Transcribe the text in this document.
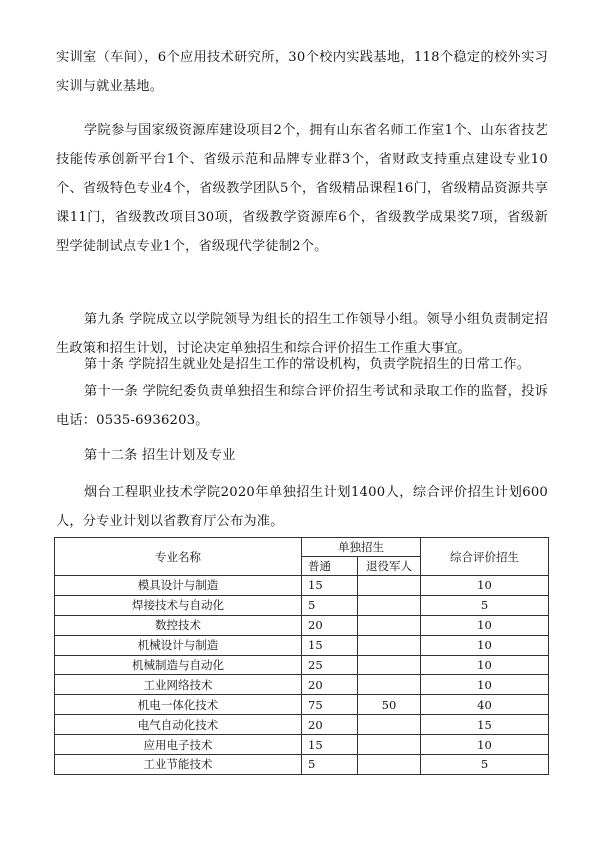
实训室（车间），6个应用技术研究所，30个校内实践基地，118个稳定的校外实习实训与就业基地。

学院参与国家级资源库建设项目2个，拥有山东省名师工作室1个、山东省技艺技能传承创新平台1个、省级示范和品牌专业群3个，省财政支持重点建设专业10个、省级特色专业4个，省级教学团队5个，省级精品课程16门，省级精品资源共享课11门，省级教改项目30项，省级教学资源库6个，省级教学成果奖7项，省级新型学徒制试点专业1个，省级现代学徒制2个。

第九条 学院成立以学院领导为组长的招生工作领导小组。领导小组负责制定招生政策和招生计划，讨论决定单独招生和综合评价招生工作重大事宜。

第十条 学院招生就业处是招生工作的常设机构，负责学院招生的日常工作。

第十一条 学院纪委负责单独招生和综合评价招生考试和录取工作的监督，投诉电话：0535-6936203。

第十二条 招生计划及专业

烟台工程职业技术学院2020年单独招生计划1400人，综合评价招生计划600人，分专业计划以省教育厅公布为准。

专业名称	单独招生		综合评价招生
	普通	退役军人	
模具设计与制造	15		10
焊接技术与自动化	5		5
数控技术	20		10
机械设计与制造	15		10
机械制造与自动化	25		10
工业网络技术	20		10
机电一体化技术	75	50	40
电气自动化技术	20		15
应用电子技术	15		10
工业节能技术	5		5
